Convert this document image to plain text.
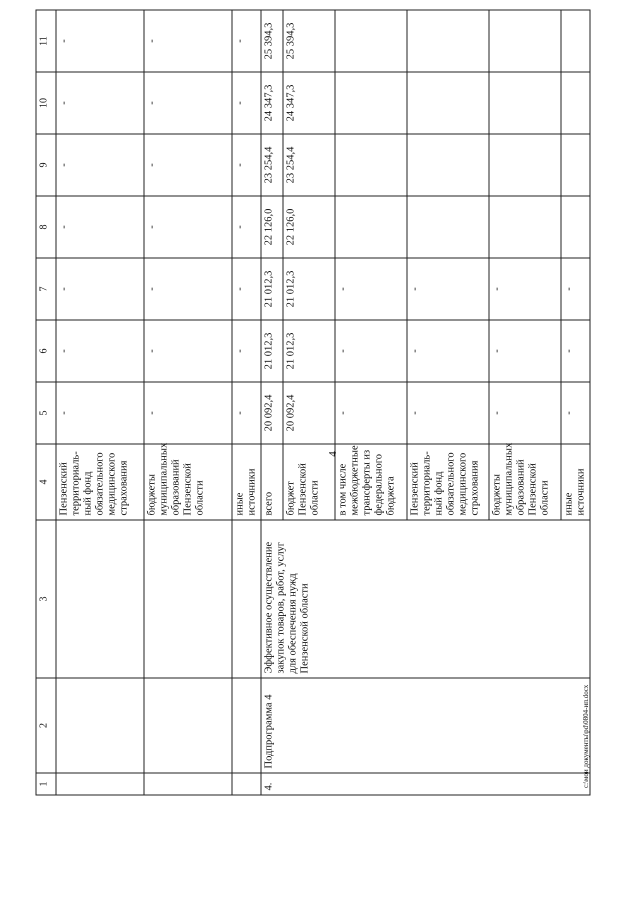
4
1	2	3	4	5	6	7	8	9	10	11
			Пензенский территориаль-ный фонд обязательного медицинского страхования	-	-	-	-	-	-	-
			бюджеты муниципальных образований Пензенской области	-	-	-	-	-	-	-
			иные источники	-	-	-	-	-	-	-
4.	Подпрограмма 4	Эффективное осуществление закупок товаров, работ, услуг для обеспечения нужд Пензенской области	всего	20 092,4	21 012,3	21 012,3	22 126,0	23 254,4	24 347,3	25 394,3
			бюджет Пензенской области	20 092,4	21 012,3	21 012,3	22 126,0	23 254,4	24 347,3	25 394,3
			в том числе межбюджетные трансферты из федерального бюджета	-	-	-				
			Пензенский территориаль-ный фонд обязательного медицинского страхования	-	-	-				
			бюджеты муниципальных образований Пензенской области	-	-	-				
			иные источники	-	-	-				
c:\мои документы\pd\0804-ип.docx
